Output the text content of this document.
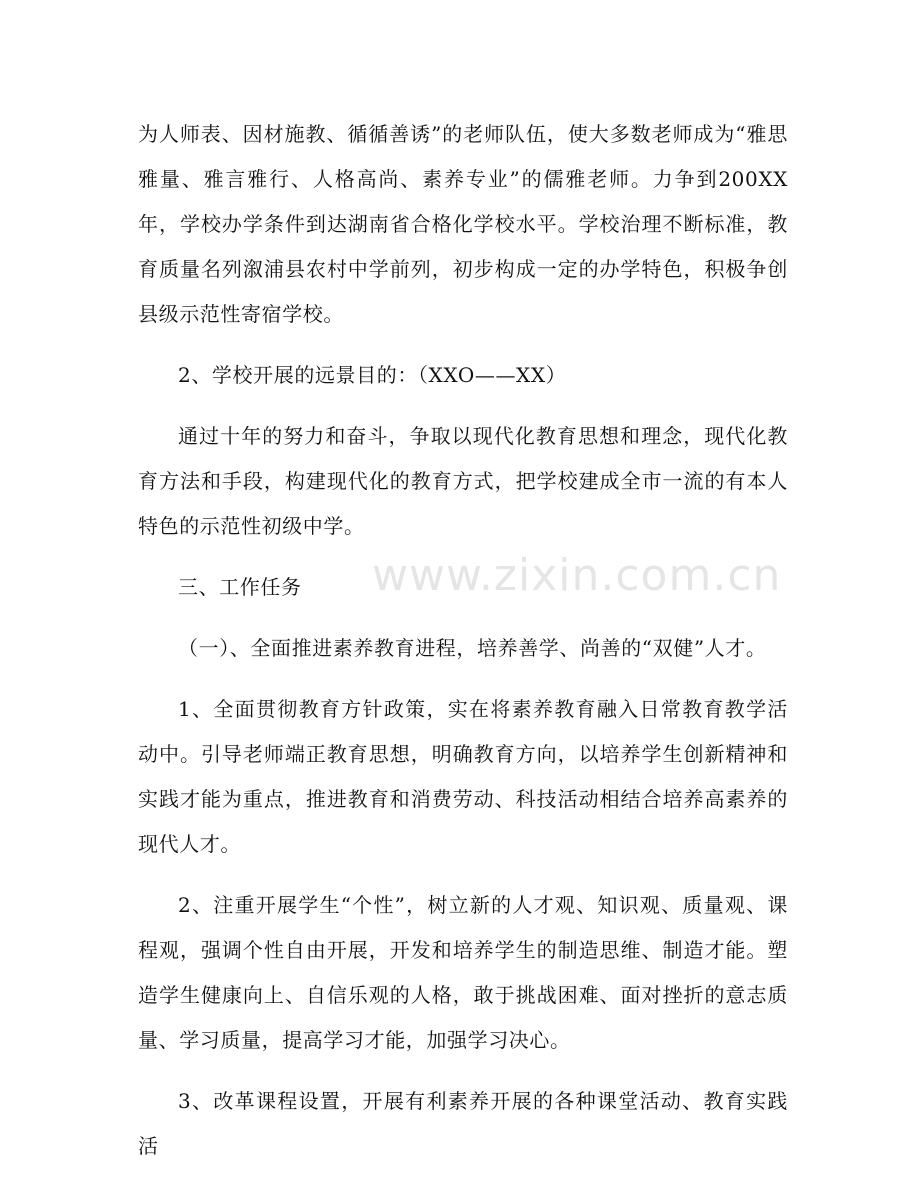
为人师表、因材施教、循循善诱”的老师队伍，使大多数老师成为“雅思雅量、雅言雅行、人格高尚、素养专业”的儒雅老师。力争到200XX年，学校办学条件到达湖南省合格化学校水平。学校治理不断标准，教育质量名列溆浦县农村中学前列，初步构成一定的办学特色，积极争创县级示范性寄宿学校。

2、学校开展的远景目的：（XXO——XX）

通过十年的努力和奋斗，争取以现代化教育思想和理念，现代化教育方法和手段，构建现代化的教育方式，把学校建成全市一流的有本人特色的示范性初级中学。

三、工作任务

（一）、全面推进素养教育进程，培养善学、尚善的“双健”人才。

1、全面贯彻教育方针政策，实在将素养教育融入日常教育教学活动中。引导老师端正教育思想，明确教育方向，以培养学生创新精神和实践才能为重点，推进教育和消费劳动、科技活动相结合培养高素养的现代人才。

2、注重开展学生“个性”，树立新的人才观、知识观、质量观、课程观，强调个性自由开展，开发和培养学生的制造思维、制造才能。塑造学生健康向上、自信乐观的人格，敢于挑战困难、面对挫折的意志质量、学习质量，提高学习才能，加强学习决心。

3、改革课程设置，开展有利素养开展的各种课堂活动、教育实践活

www.zixin.com.cn
